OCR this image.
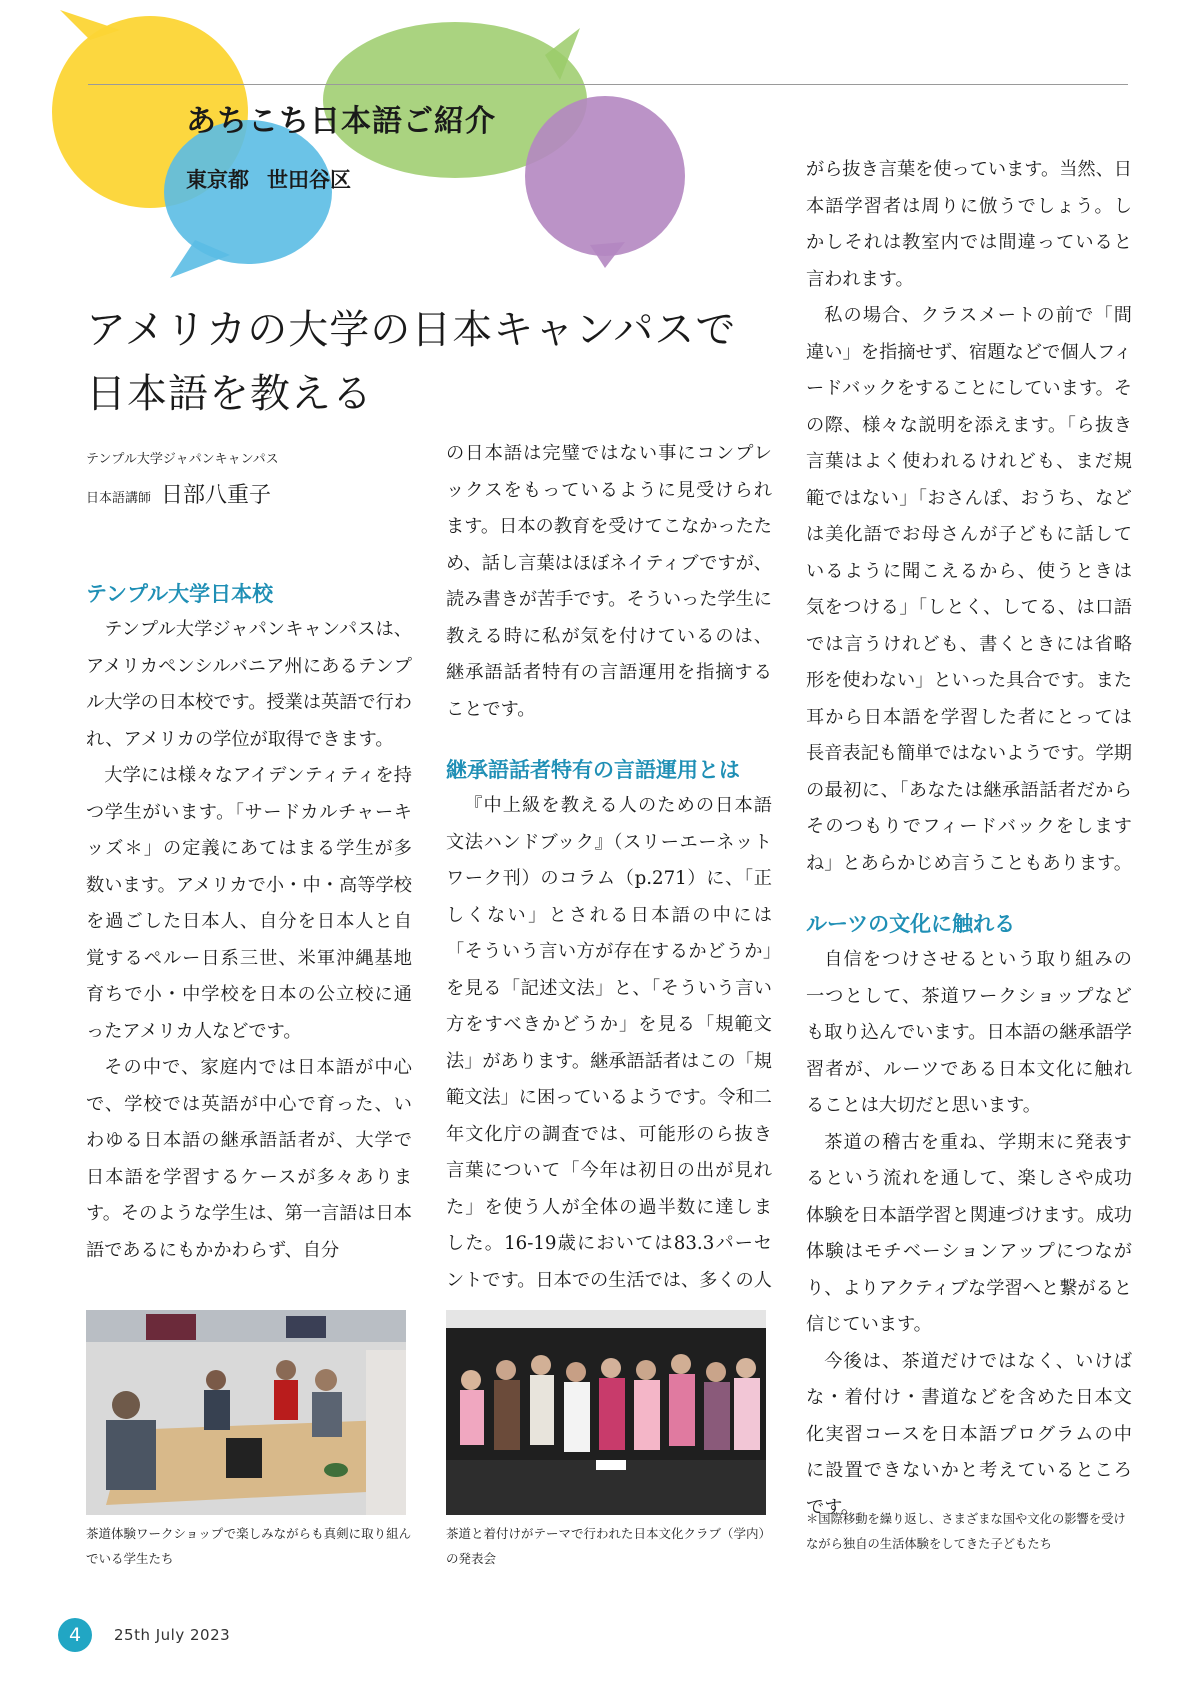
あちこち日本語ご紹介
東京都 世田谷区
アメリカの大学の日本キャンパスで
日本語を教える
テンプル大学ジャパンキャンパス
日本語講師 日部八重子
テンプル大学日本校

テンプル大学ジャパンキャンパスは、アメリカペンシルバニア州にあるテンプル大学の日本校です。授業は英語で行われ、アメリカの学位が取得できます。

大学には様々なアイデンティティを持つ学生がいます。「サードカルチャーキッズ＊」の定義にあてはまる学生が多数います。アメリカで小・中・高等学校を過ごした日本人、自分を日本人と自覚するペルー日系三世、米軍沖縄基地育ちで小・中学校を日本の公立校に通ったアメリカ人などです。

その中で、家庭内では日本語が中心で、学校では英語が中心で育った、いわゆる日本語の継承語話者が、大学で日本語を学習するケースが多々あります。そのような学生は、第一言語は日本語であるにもかかわらず、自分

の日本語は完璧ではない事にコンプレックスをもっているように見受けられます。日本の教育を受けてこなかったため、話し言葉はほぼネイティブですが、読み書きが苦手です。そういった学生に教える時に私が気を付けているのは、継承語話者特有の言語運用を指摘することです。

継承語話者特有の言語運用とは

『中上級を教える人のための日本語文法ハンドブック』（スリーエーネットワーク刊）のコラム（p.271）に、「正しくない」とされる日本語の中には「そういう言い方が存在するかどうか」を見る「記述文法」と、「そういう言い方をすべきかどうか」を見る「規範文法」があります。継承語話者はこの「規範文法」に困っているようです。令和二年文化庁の調査では、可能形のら抜き言葉について「今年は初日の出が見れた」を使う人が全体の過半数に達しました。16-19歳においては83.3パーセントです。日本での生活では、多くの人

がら抜き言葉を使っています。当然、日本語学習者は周りに倣うでしょう。しかしそれは教室内では間違っていると言われます。

私の場合、クラスメートの前で「間違い」を指摘せず、宿題などで個人フィードバックをすることにしています。その際、様々な説明を添えます。「ら抜き言葉はよく使われるけれども、まだ規範ではない」「おさんぽ、おうち、などは美化語でお母さんが子どもに話しているように聞こえるから、使うときは気をつける」「しとく、してる、は口語では言うけれども、書くときには省略形を使わない」といった具合です。また耳から日本語を学習した者にとっては長音表記も簡単ではないようです。学期の最初に、「あなたは継承語話者だからそのつもりでフィードバックをしますね」とあらかじめ言うこともあります。

ルーツの文化に触れる

自信をつけさせるという取り組みの一つとして、茶道ワークショップなども取り込んでいます。日本語の継承語学習者が、ルーツである日本文化に触れることは大切だと思います。

茶道の稽古を重ね、学期末に発表するという流れを通して、楽しさや成功体験を日本語学習と関連づけます。成功体験はモチベーションアップにつながり、よりアクティブな学習へと繋がると信じています。

今後は、茶道だけではなく、いけばな・着付け・書道などを含めた日本文化実習コースを日本語プログラムの中に設置できないかと考えているところです。

茶道体験ワークショップで楽しみながらも真剣に取り組んでいる学生たち
茶道と着付けがテーマで行われた日本文化クラブ（学内）の発表会
＊国際移動を繰り返し、さまざまな国や文化の影響を受けながら独自の生活体験をしてきた子どもたち
4	25th July 2023
